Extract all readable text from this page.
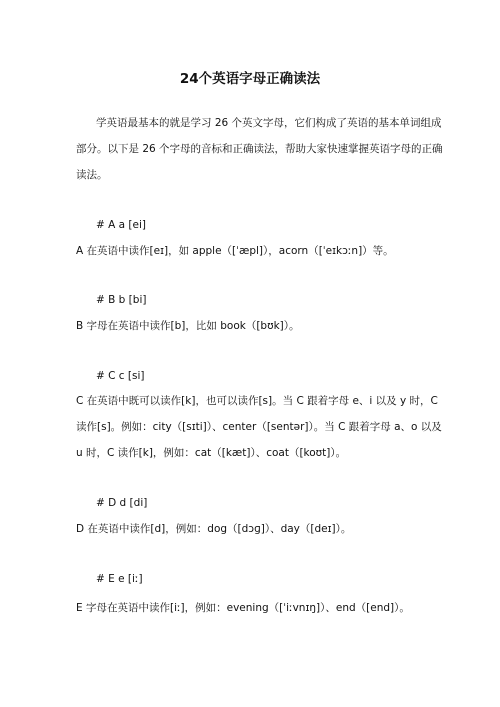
24个英语字母正确读法
学英语最基本的就是学习 26 个英文字母，它们构成了英语的基本单词组成
部分。以下是 26 个字母的音标和正确读法，帮助大家快速掌握英语字母的正确
读法。
# A a [ei]
A 在英语中读作[eɪ]，如 apple（[ˈæpl]），acorn（[ˈeɪkɔːn]）等。
# B b [bi]
B 字母在英语中读作[b]，比如 book（[bʊk]）。
# C c [si]
C 在英语中既可以读作[k]，也可以读作[s]。当 C 跟着字母 e、i 以及 y 时，C
读作[s]。例如：city（[sɪti]）、center（[sentər]）。当 C 跟着字母 a、o 以及
u 时，C 读作[k]，例如：cat（[kæt]）、coat（[koʊt]）。
# D d [di]
D 在英语中读作[d]，例如：dog（[dɔɡ]）、day（[deɪ]）。
# E e [iː]
E 字母在英语中读作[iː]，例如：evening（[ˈiːvnɪŋ]）、end（[end]）。
